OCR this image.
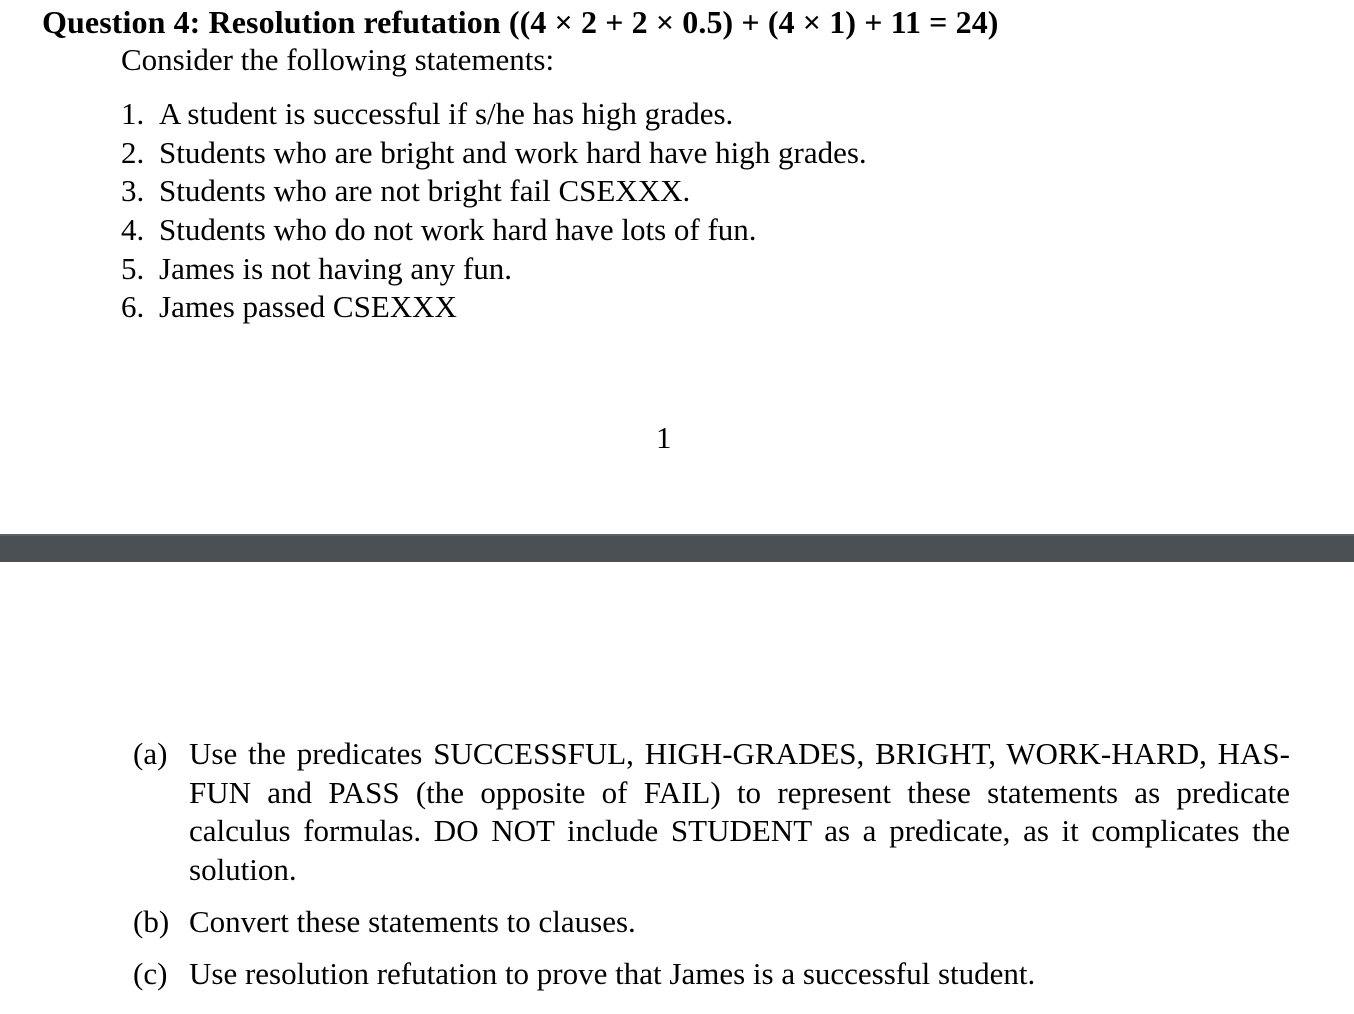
Question 4: Resolution refutation ((4 × 2 + 2 × 0.5) + (4 × 1) + 11 = 24)
Consider the following statements:
1. A student is successful if s/he has high grades.
2. Students who are bright and work hard have high grades.
3. Students who are not bright fail CSEXXX.
4. Students who do not work hard have lots of fun.
5. James is not having any fun.
6. James passed CSEXXX
1
(a) Use the predicates SUCCESSFUL, HIGH-GRADES, BRIGHT, WORK-HARD, HAS-FUN and PASS (the opposite of FAIL) to represent these statements as predicate calculus formulas. DO NOT include STUDENT as a predicate, as it complicates the solution.
(b) Convert these statements to clauses.
(c) Use resolution refutation to prove that James is a successful student.
